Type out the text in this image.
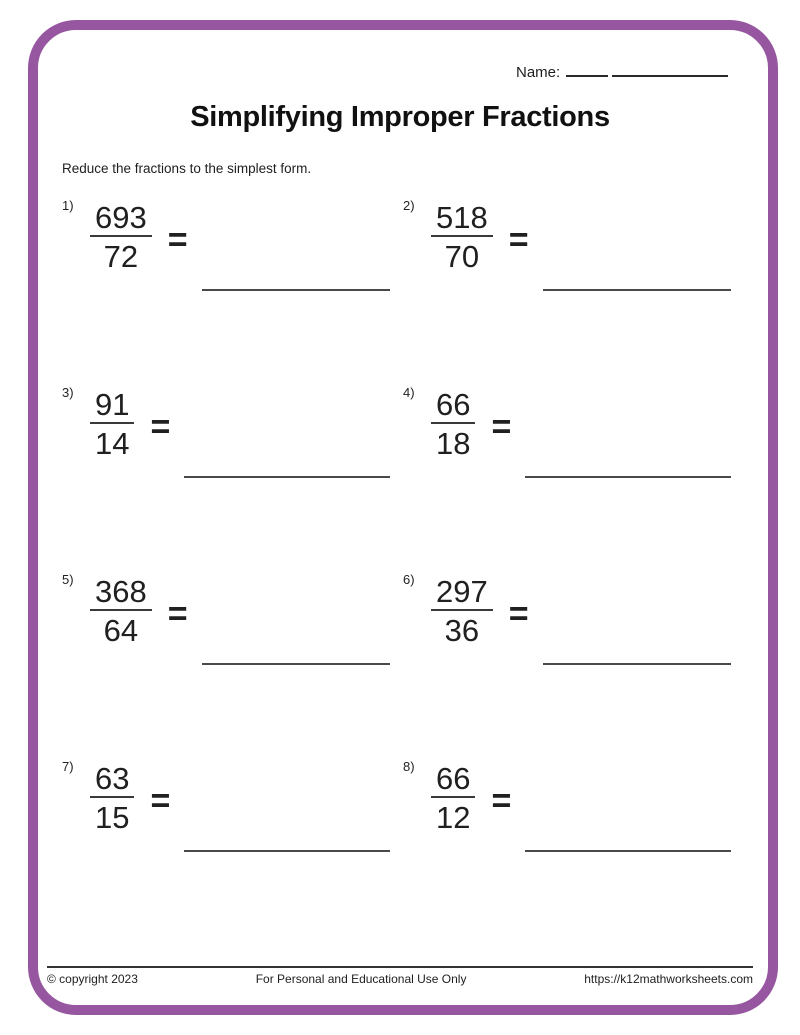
Name:
Simplifying Improper Fractions
Reduce the fractions to the simplest form.
$1) \frac{693}{72}$ =
$2) \frac{518}{70}$ =
$3) \frac{91}{14}$ =
$4) \frac{66}{18}$ =
$5) \frac{368}{64}$ =
$6) \frac{297}{36}$ =
$7) \frac{63}{15}$ =
$8) \frac{66}{12}$ =
© copyright 2023	For Personal and Educational Use Only	https://k12mathworksheets.com
